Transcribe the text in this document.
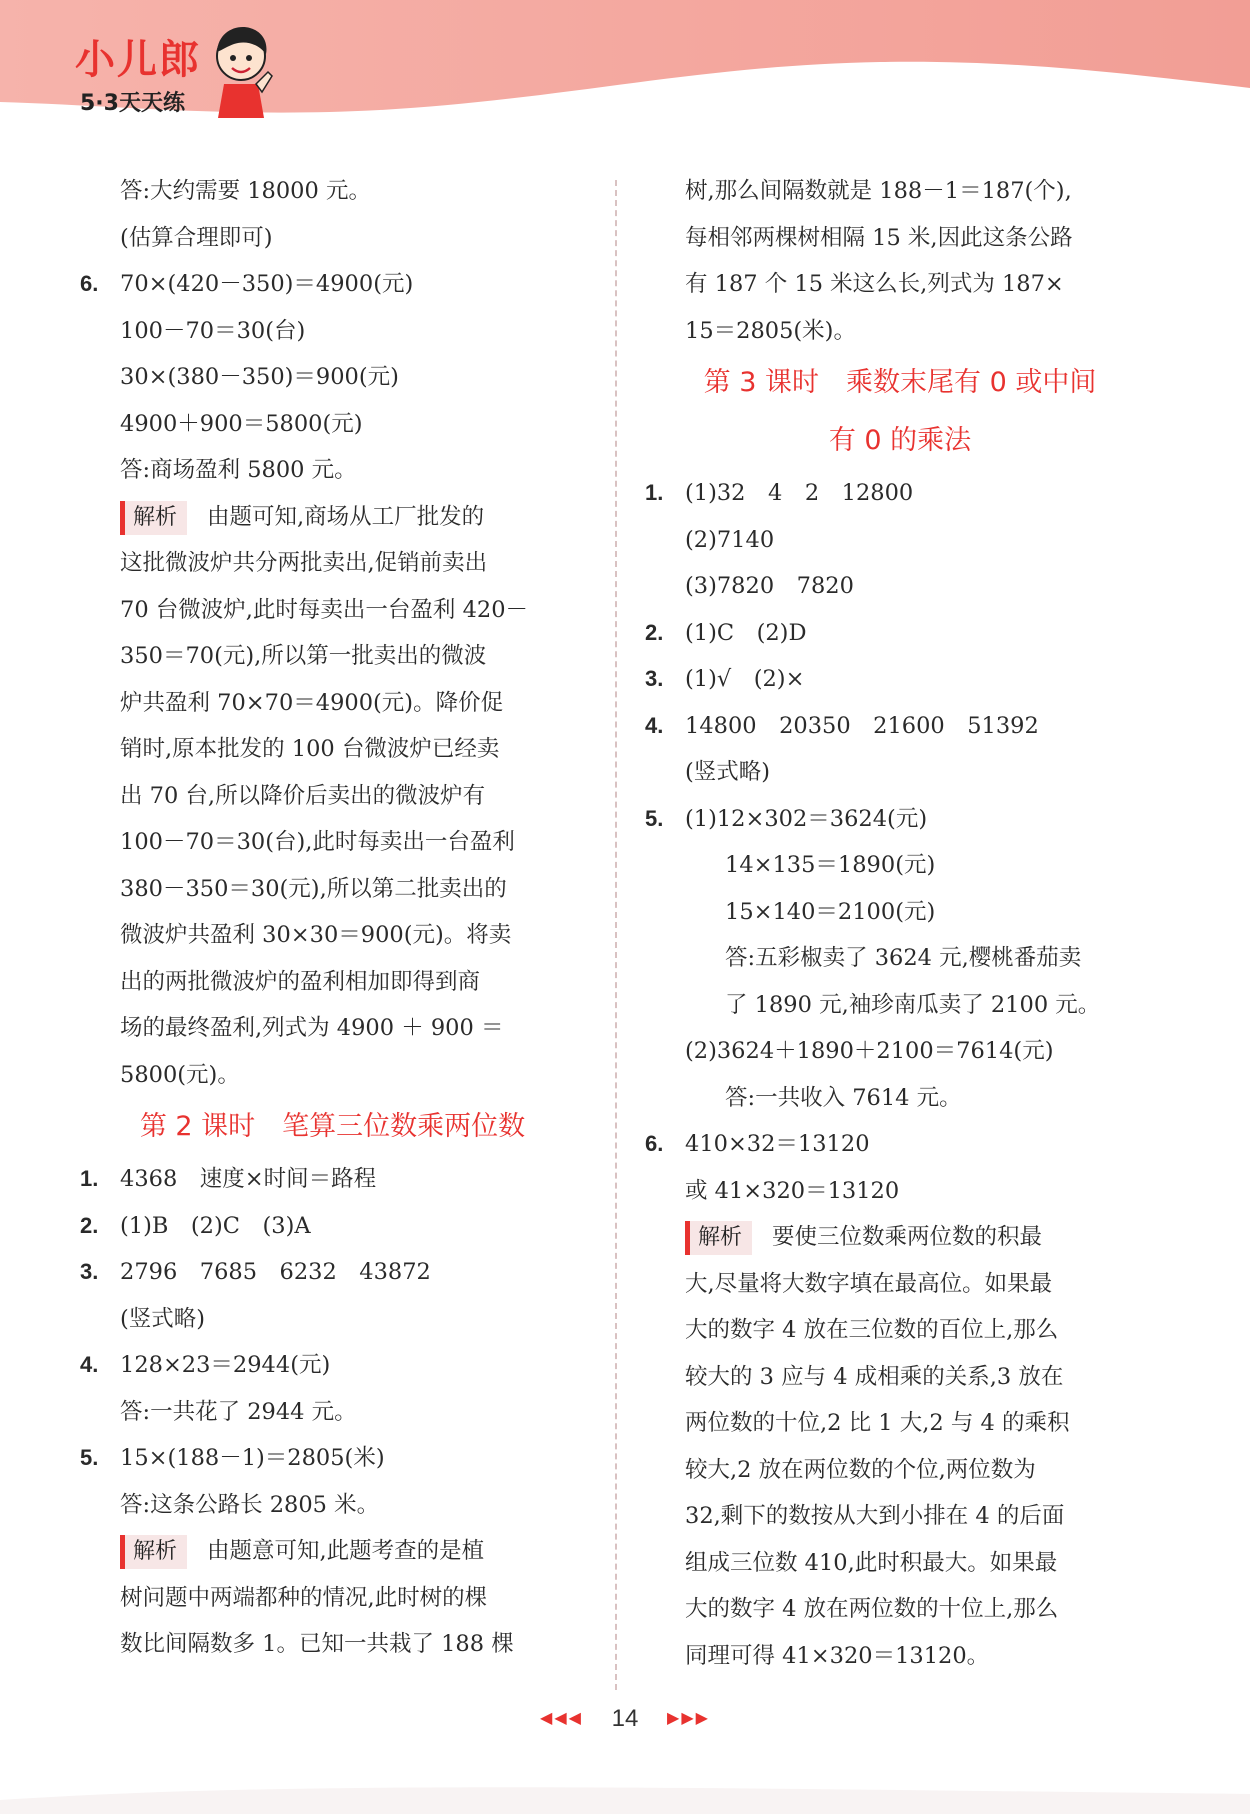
小儿郎
5·3天天练
答:大约需要 18000 元。
(估算合理即可)
6. 70×(420－350)＝4900(元)
100－70＝30(台)
30×(380－350)＝900(元)
4900＋900＝5800(元)
答:商场盈利 5800 元。
解析 由题可知,商场从工厂批发的
这批微波炉共分两批卖出,促销前卖出
70 台微波炉,此时每卖出一台盈利 420－
350＝70(元),所以第一批卖出的微波
炉共盈利 70×70＝4900(元)。降价促
销时,原本批发的 100 台微波炉已经卖
出 70 台,所以降价后卖出的微波炉有
100－70＝30(台),此时每卖出一台盈利
380－350＝30(元),所以第二批卖出的
微波炉共盈利 30×30＝900(元)。将卖
出的两批微波炉的盈利相加即得到商
场的最终盈利,列式为 4900 ＋ 900 ＝
5800(元)。
第 2 课时　笔算三位数乘两位数
1. 4368　速度×时间＝路程
2. (1)B　(2)C　(3)A
3. 2796　7685　6232　43872
(竖式略)
4. 128×23＝2944(元)
答:一共花了 2944 元。
5. 15×(188－1)＝2805(米)
答:这条公路长 2805 米。
解析 由题意可知,此题考查的是植
树问题中两端都种的情况,此时树的棵
数比间隔数多 1。已知一共栽了 188 棵
树,那么间隔数就是 188－1＝187(个),
每相邻两棵树相隔 15 米,因此这条公路
有 187 个 15 米这么长,列式为 187×
15＝2805(米)。
第 3 课时　乘数末尾有 0 或中间
有 0 的乘法
1. (1)32　4　2　12800
(2)7140
(3)7820　7820
2. (1)C　(2)D
3. (1)√　(2)×
4. 14800　20350　21600　51392
(竖式略)
5. (1)12×302＝3624(元)
14×135＝1890(元)
15×140＝2100(元)
答:五彩椒卖了 3624 元,樱桃番茄卖
了 1890 元,袖珍南瓜卖了 2100 元。
(2)3624＋1890＋2100＝7614(元)
答:一共收入 7614 元。
6. 410×32＝13120
或 41×320＝13120
解析 要使三位数乘两位数的积最
大,尽量将大数字填在最高位。如果最
大的数字 4 放在三位数的百位上,那么
较大的 3 应与 4 成相乘的关系,3 放在
两位数的十位,2 比 1 大,2 与 4 的乘积
较大,2 放在两位数的个位,两位数为
32,剩下的数按从大到小排在 4 的后面
组成三位数 410,此时积最大。如果最
大的数字 4 放在两位数的十位上,那么
同理可得 41×320＝13120。
◀◀◀ 14 ▶▶▶
